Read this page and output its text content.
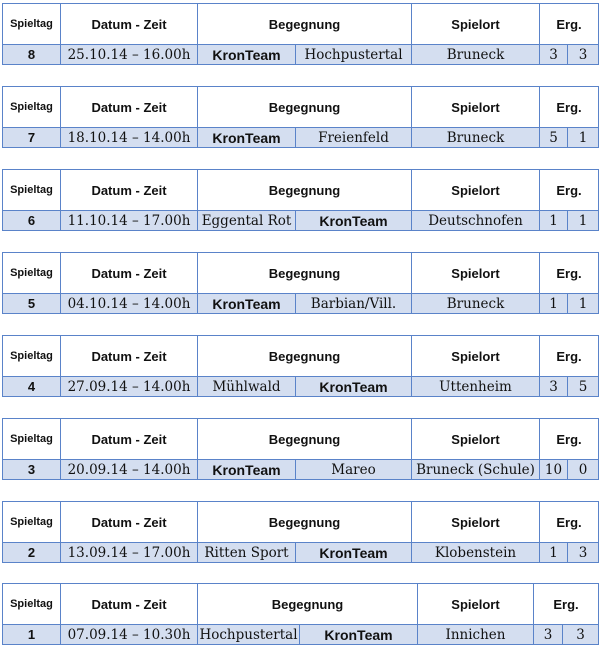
Spieltag	Datum - Zeit	Begegnung		Spielort	Erg.	
8	25.10.14 – 16.00h	KronTeam	Hochpustertal	Bruneck	3	3
Spieltag	Datum - Zeit	Begegnung		Spielort	Erg.	
7	18.10.14 – 14.00h	KronTeam	Freienfeld	Bruneck	5	1
Spieltag	Datum - Zeit	Begegnung		Spielort	Erg.	
6	11.10.14 – 17.00h	Eggental Rot	KronTeam	Deutschnofen	1	1
Spieltag	Datum - Zeit	Begegnung		Spielort	Erg.	
5	04.10.14 – 14.00h	KronTeam	Barbian/Vill.	Bruneck	1	1
Spieltag	Datum - Zeit	Begegnung		Spielort	Erg.	
4	27.09.14 – 14.00h	Mühlwald	KronTeam	Uttenheim	3	5
Spieltag	Datum - Zeit	Begegnung		Spielort	Erg.	
3	20.09.14 – 14.00h	KronTeam	Mareo	Bruneck (Schule)	10	0
Spieltag	Datum - Zeit	Begegnung		Spielort	Erg.	
2	13.09.14 – 17.00h	Ritten Sport	KronTeam	Klobenstein	1	3
Spieltag	Datum - Zeit	Begegnung		Spielort	Erg.	
1	07.09.14 – 10.30h	Hochpustertal	KronTeam	Innichen	3	3
